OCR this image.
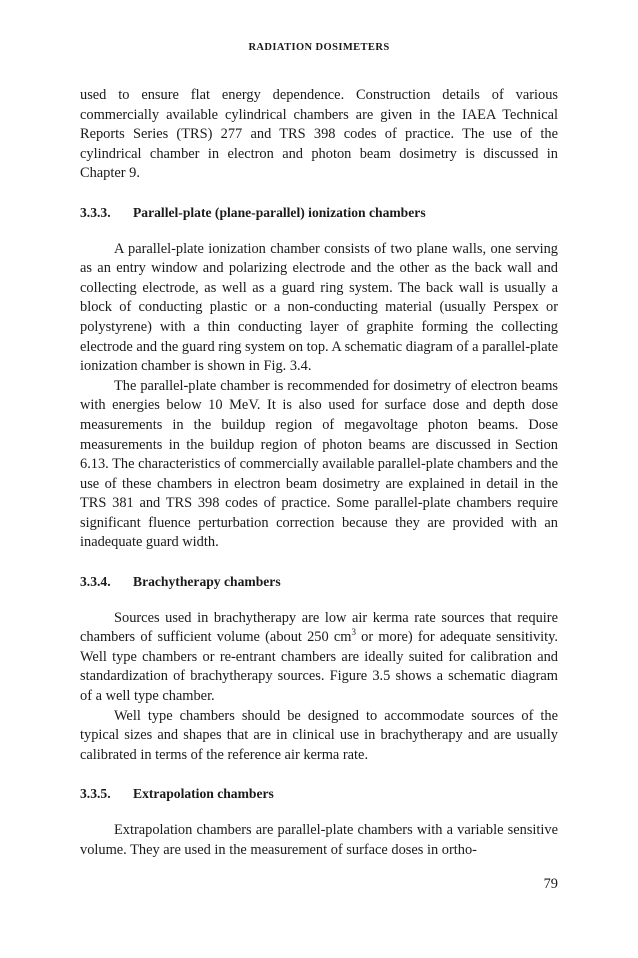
RADIATION DOSIMETERS

used to ensure flat energy dependence. Construction details of various commercially available cylindrical chambers are given in the IAEA Technical Reports Series (TRS) 277 and TRS 398 codes of practice. The use of the cylindrical chamber in electron and photon beam dosimetry is discussed in Chapter 9.

3.3.3.	Parallel-plate (plane-parallel) ionization chambers

A parallel-plate ionization chamber consists of two plane walls, one serving as an entry window and polarizing electrode and the other as the back wall and collecting electrode, as well as a guard ring system. The back wall is usually a block of conducting plastic or a non-conducting material (usually Perspex or polystyrene) with a thin conducting layer of graphite forming the collecting electrode and the guard ring system on top. A schematic diagram of a parallel-plate ionization chamber is shown in Fig. 3.4.

The parallel-plate chamber is recommended for dosimetry of electron beams with energies below 10 MeV. It is also used for surface dose and depth dose measurements in the buildup region of megavoltage photon beams. Dose measurements in the buildup region of photon beams are discussed in Section 6.13. The characteristics of commercially available parallel-plate chambers and the use of these chambers in electron beam dosimetry are explained in detail in the TRS 381 and TRS 398 codes of practice. Some parallel-plate chambers require significant fluence perturbation correction because they are provided with an inadequate guard width.

3.3.4.	Brachytherapy chambers

Sources used in brachytherapy are low air kerma rate sources that require chambers of sufficient volume (about 250 $cm^3$ or more) for adequate sensitivity. Well type chambers or re-entrant chambers are ideally suited for calibration and standardization of brachytherapy sources. Figure 3.5 shows a schematic diagram of a well type chamber.

Well type chambers should be designed to accommodate sources of the typical sizes and shapes that are in clinical use in brachytherapy and are usually calibrated in terms of the reference air kerma rate.

3.3.5.	Extrapolation chambers

Extrapolation chambers are parallel-plate chambers with a variable sensitive volume. They are used in the measurement of surface doses in ortho-

79
